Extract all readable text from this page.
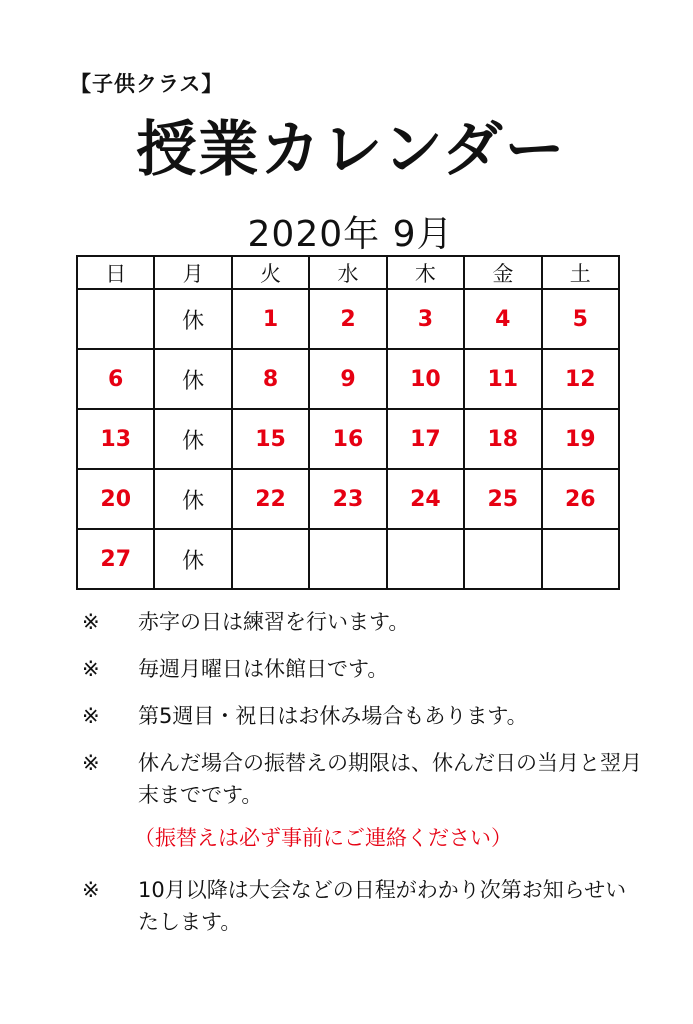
【子供クラス】
授業カレンダー
2020年 9月
日	月	火	水	木	金	土
	休	1	2	3	4	5
6	休	8	9	10	11	12
13	休	15	16	17	18	19
20	休	22	23	24	25	26
27	休					
※ 赤字の日は練習を行います。
※ 毎週月曜日は休館日です。
※ 第5週目・祝日はお休み場合もあります。
※ 休んだ場合の振替えの期限は、休んだ日の当月と翌月末までです。
（振替えは必ず事前にご連絡ください）
※ 10月以降は大会などの日程がわかり次第お知らせいたします。
